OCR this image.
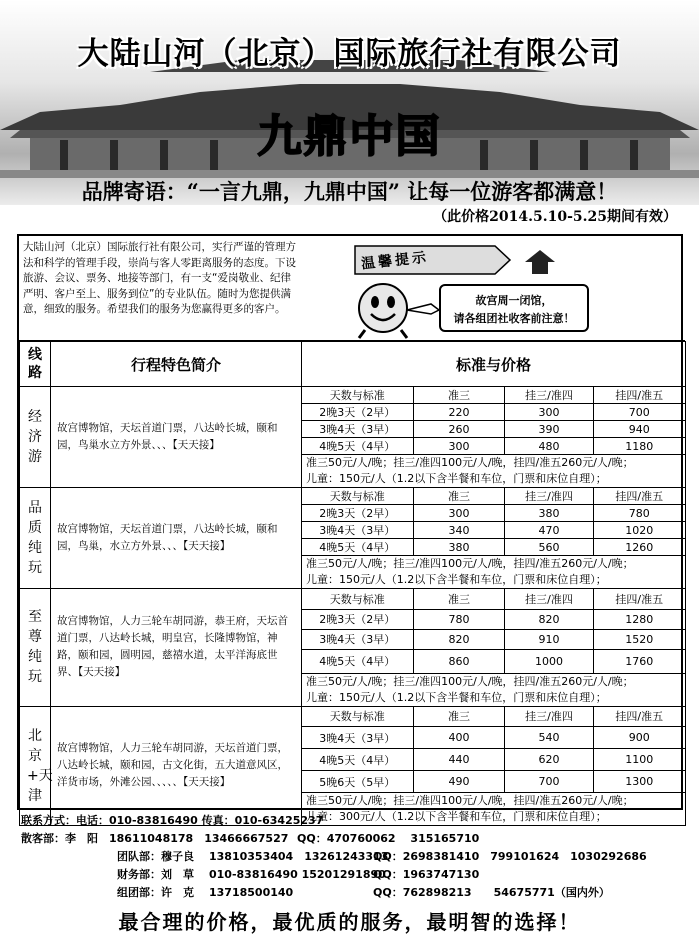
大陆山河（北京）国际旅行社有限公司
九鼎中国
品牌寄语：“一言九鼎，九鼎中国” 让每一位游客都满意！
（此价格2014.5.10-5.25期间有效）
大陆山河（北京）国际旅行社有限公司，实行严谨的管理方法和科学的管理手段，崇尚与客人零距离服务的态度。下设旅游、会议、票务、地接等部门，有一支“爱岗敬业、纪律严明、客户至上、服务到位”的专业队伍。随时为您提供满意，细致的服务。希望我们的服务为您赢得更多的客户。
温馨提示
故宫周一闭馆，
请各组团社收客前注意！
线路	行程特色简介	标准与价格
经济游	故宫博物馆，天坛首道门票，八达岭长城，颐和园，鸟巢水立方外景、、、【天天接】	
天数与标准	准三	挂三/准四	挂四/准五
2晚3天（2早）	220	300	700
3晚4天（3早）	260	390	940
4晚5天（4早）	300	480	1180

准三50元/人/晚；挂三/准四100元/人/晚，挂四/准五260元/人/晚；
儿童：150元/人（1.2以下含半餐和车位，门票和床位自理）；

品质纯玩	故宫博物馆，天坛首道门票，八达岭长城，颐和园，鸟巢，水立方外景、、、【天天接】	
天数与标准	准三	挂三/准四	挂四/准五
2晚3天（2早）	300	380	780
3晚4天（3早）	340	470	1020
4晚5天（4早）	380	560	1260

准三50元/人/晚；挂三/准四100元/人/晚，挂四/准五260元/人/晚；
儿童：150元/人（1.2以下含半餐和车位，门票和床位自理）；

至尊纯玩	故宫博物馆，人力三轮车胡同游，恭王府，天坛首道门票，八达岭长城，明皇宫，长隆博物馆，神路，颐和园，圆明园，慈禧水道，太平洋海底世界、【天天接】	
天数与标准	准三	挂三/准四	挂四/准五
2晚3天（2早）	780	820	1280
3晚4天（3早）	820	910	1520
4晚5天（4早）	860	1000	1760

准三50元/人/晚；挂三/准四100元/人/晚，挂四/准五260元/人/晚；
儿童：150元/人（1.2以下含半餐和车位，门票和床位自理）；

北京+天津	故宫博物馆，人力三轮车胡同游，天坛首道门票，八达岭长城，颐和园，古文化街，五大道意风区，洋货市场，外滩公园、、、、、【天天接】	
天数与标准	准三	挂三/准四	挂四/准五
3晚4天（3早）	400	540	900
4晚5天（4早）	440	620	1100
5晚6天（5早）	490	700	1300

准三50元/人/晚；挂三/准四100元/人/晚，挂四/准五260元/人/晚；
儿童：300元/人（1.2以下含半餐和车位，门票和床位自理）；
联系方式：电话：010-83816490 传真：010-63425237
散客部：李　阳 18611048178　13466667527 QQ：470760062　 315165710
团队部：穆子良 13810353404　13261243313
QQ：2698381410　799101624　1030292686
财务部：刘　草 010-83816490 15201291890
QQ：1963747130
组团部：许　克 13718500140	QQ：762898213　　54675771（国内外）
最合理的价格，最优质的服务，最明智的选择！
